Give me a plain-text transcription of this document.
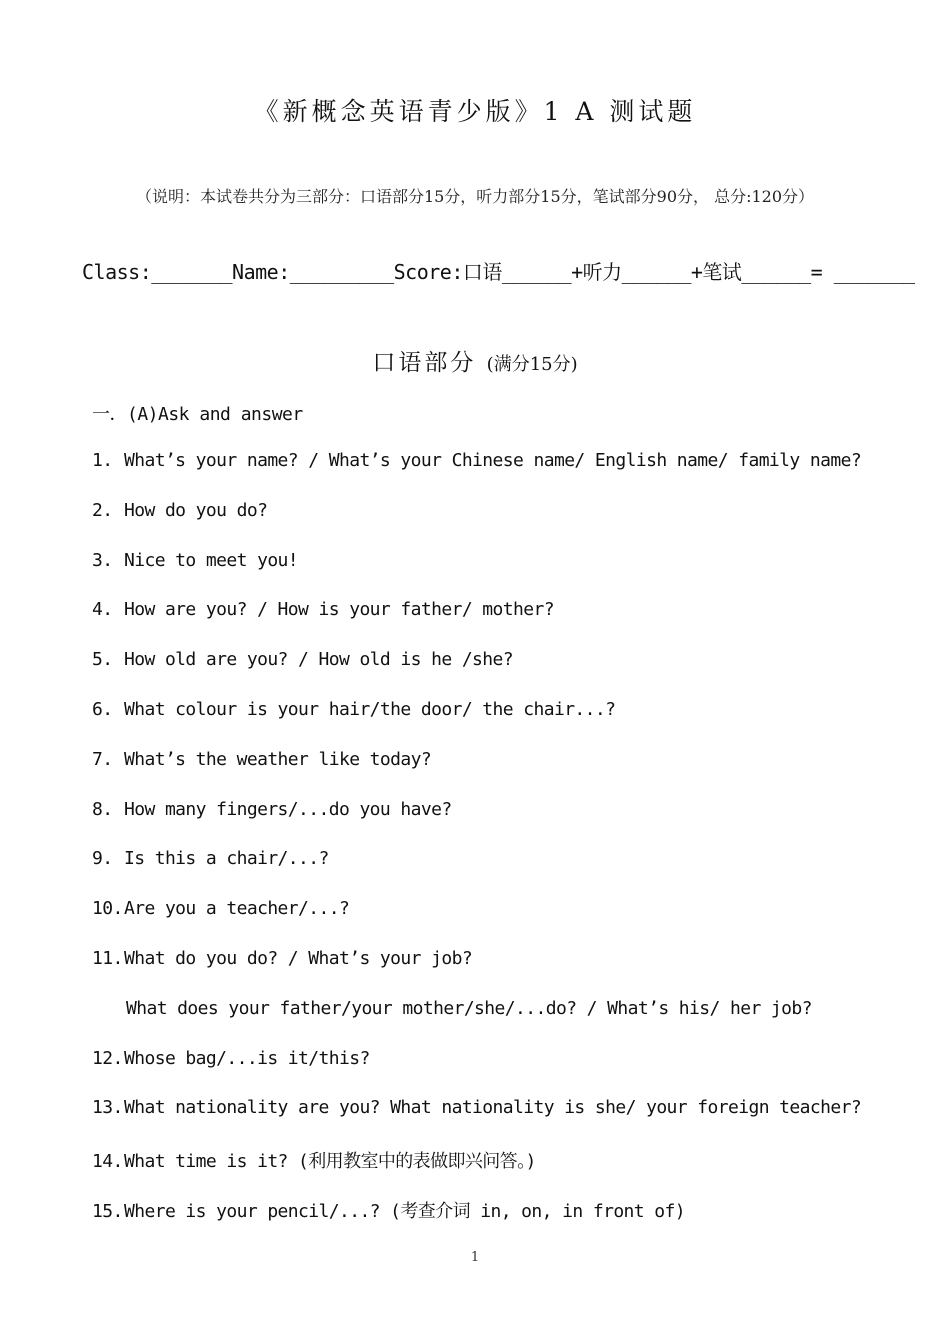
《新概念英语青少版》1 A 测试题
（说明：本试卷共分为三部分：口语部分15分，听力部分15分，笔试部分90分， 总分:120分）
Class:_______Name:_________Score:口语______+听力______+笔试______= _______
口语部分 (满分15分)
一．(A)Ask and answer
1. What’s your name? / What’s your Chinese name/ English name/ family name?
2. How do you do?
3. Nice to meet you!
4. How are you? / How is your father/ mother?
5. How old are you? / How old is he /she?
6. What colour is your hair/the door/ the chair...?
7. What’s the weather like today?
8. How many fingers/...do you have?
9. Is this a chair/...?
10.Are you a teacher/...?
11.What do you do? / What’s your job?
What does your father/your mother/she/...do? / What’s his/ her job?
12.Whose bag/...is it/this?
13.What nationality are you? What nationality is she/ your foreign teacher?
14.What time is it? (利用教室中的表做即兴问答。)
15.Where is your pencil/...? (考查介词 in, on, in front of)
1
